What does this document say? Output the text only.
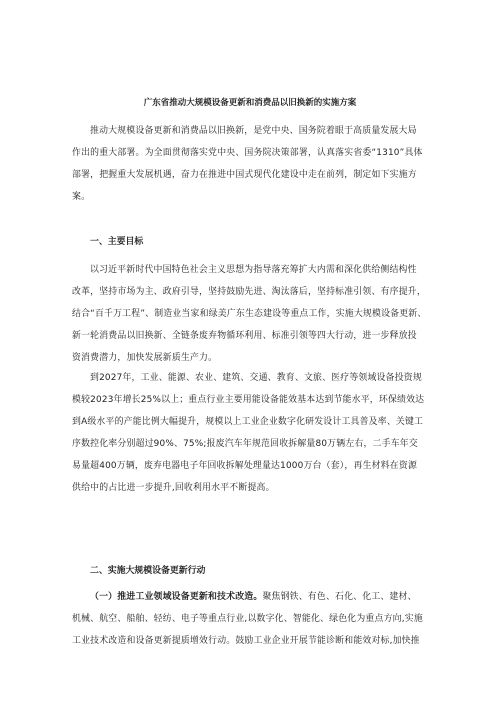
广东省推动大规模设备更新和消费品以旧换新的实施方案
推动大规模设备更新和消费品以旧换新，是党中央、国务院着眼于高质量发展大局
作出的重大部署。为全面贯彻落实党中央、国务院决策部署，认真落实省委“1310”具体
部署，把握重大发展机遇，奋力在推进中国式现代化建设中走在前列，制定如下实施方
案。
一、主要目标
以习近平新时代中国特色社会主义思想为指导落充筹扩大内需和深化供给侧结构性
改革，坚持市场为主、政府引导，坚持鼓励先进、淘汰落后，坚持标准引领、有序提升，
结合“百千万工程”、制造业当家和绿美广东生态建设等重点工作，实施大规模设备更新、
新一轮消费品以旧换新、全链条废弃物循环利用、标准引领等四大行动，进一步释放投
资消费潜力，加快发展新质生产力。
到2027年，工业、能源、农业、建筑、交通、教育、文旅、医疗等领域设备投资规
模较2023年增长25%以上；重点行业主要用能设备能效基本达到节能水平，环保绩效达
到A级水平的产能比例大幅提升，规模以上工业企业数字化研发设计工具普及率、关键工
序数控化率分别超过90%、75%;报废汽车年规范回收拆解量80万辆左右，二手车年交
易量超400万辆，废弃电器电子年回收拆解处理量达1000万台（套），再生材料在资源
供给中的占比进一步提升,回收利用水平不断提高。
二、实施大规模设备更新行动
（一）推进工业领域设备更新和技术改造。聚焦钢铁、有色、石化、化工、建材、
机械、航空、船舶、轻纺、电子等重点行业,以数字化、智能化、绿色化为重点方向,实施
工业技术改造和设备更新提质增效行动。鼓励工业企业开展节能诊断和能效对标,加快推
